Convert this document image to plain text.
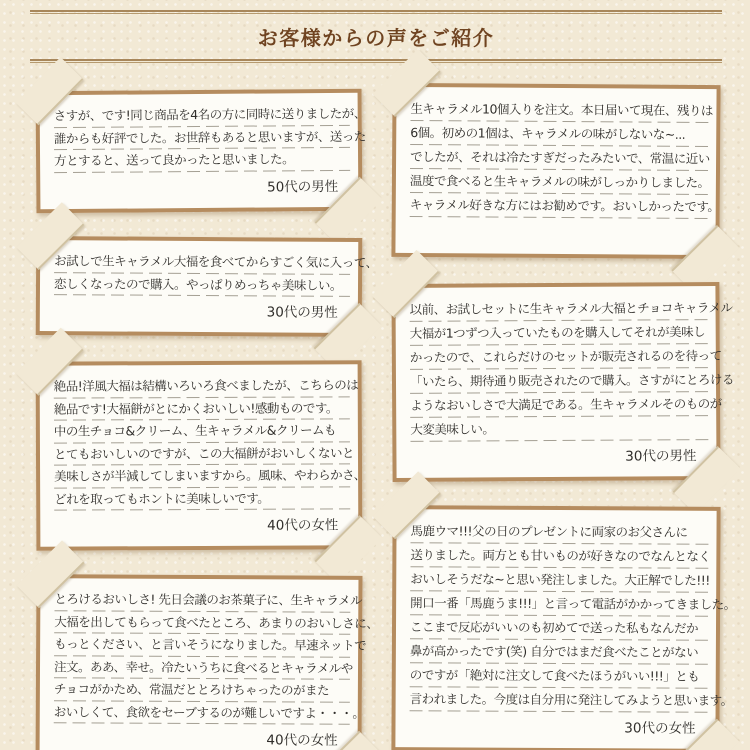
お客様からの声をご紹介
さすが、です!同じ商品を4名の方に同時に送りましたが、
誰からも好評でした。お世辞もあると思いますが、送った
方とすると、送って良かったと思いました。
50代の男性
お試しで生キャラメル大福を食べてからすごく気に入って、
恋しくなったので購入。やっぱりめっちゃ美味しい。
30代の男性
絶品!洋風大福は結構いろいろ食べましたが、こちらのは
絶品です!大福餅がとにかくおいしい!感動ものです。
中の生チョコ&クリーム、生キャラメル&クリームも
とてもおいしいのですが、この大福餅がおいしくないと
美味しさが半減してしまいますから。風味、やわらかさ、
どれを取ってもホントに美味しいです。
40代の女性
とろけるおいしさ! 先日会議のお茶菓子に、生キャラメル
大福を出してもらって食べたところ、あまりのおいしさに、
もっとください、と言いそうになりました。早速ネットで
注文。ああ、幸せ。冷たいうちに食べるとキャラメルや
チョコがかため、常温だととろけちゃったのがまた
おいしくて、食欲をセーブするのが難しいですよ・・・。
40代の女性
生キャラメル10個入りを注文。本日届いて現在、残りは
6個。初めの1個は、キャラメルの味がしないな~...
でしたが、それは冷たすぎだったみたいで、常温に近い
温度で食べると生キャラメルの味がしっかりしました。
キャラメル好きな方にはお勧めです。おいしかったです。
以前、お試しセットに生キャラメル大福とチョコキャラメル
大福が1つずつ入っていたものを購入してそれが美味し
かったので、これらだけのセットが販売されるのを待って
「いたら、期待通り販売されたので購入。さすがにとろける
ようなおいしさで大満足である。生キャラメルそのものが
大変美味しい。
30代の男性
馬鹿ウマ!!!父の日のプレゼントに両家のお父さんに
送りました。両方とも甘いものが好きなのでなんとなく
おいしそうだな~と思い発注しました。大正解でした!!!
開口一番「馬鹿うま!!!」と言って電話がかかってきました。
ここまで反応がいいのも初めてで送った私もなんだか
鼻が高かったです(笑) 自分ではまだ食べたことがない
のですが「絶対に注文して食べたほうがいい!!!」とも
言われました。今度は自分用に発注してみようと思います。
30代の女性
